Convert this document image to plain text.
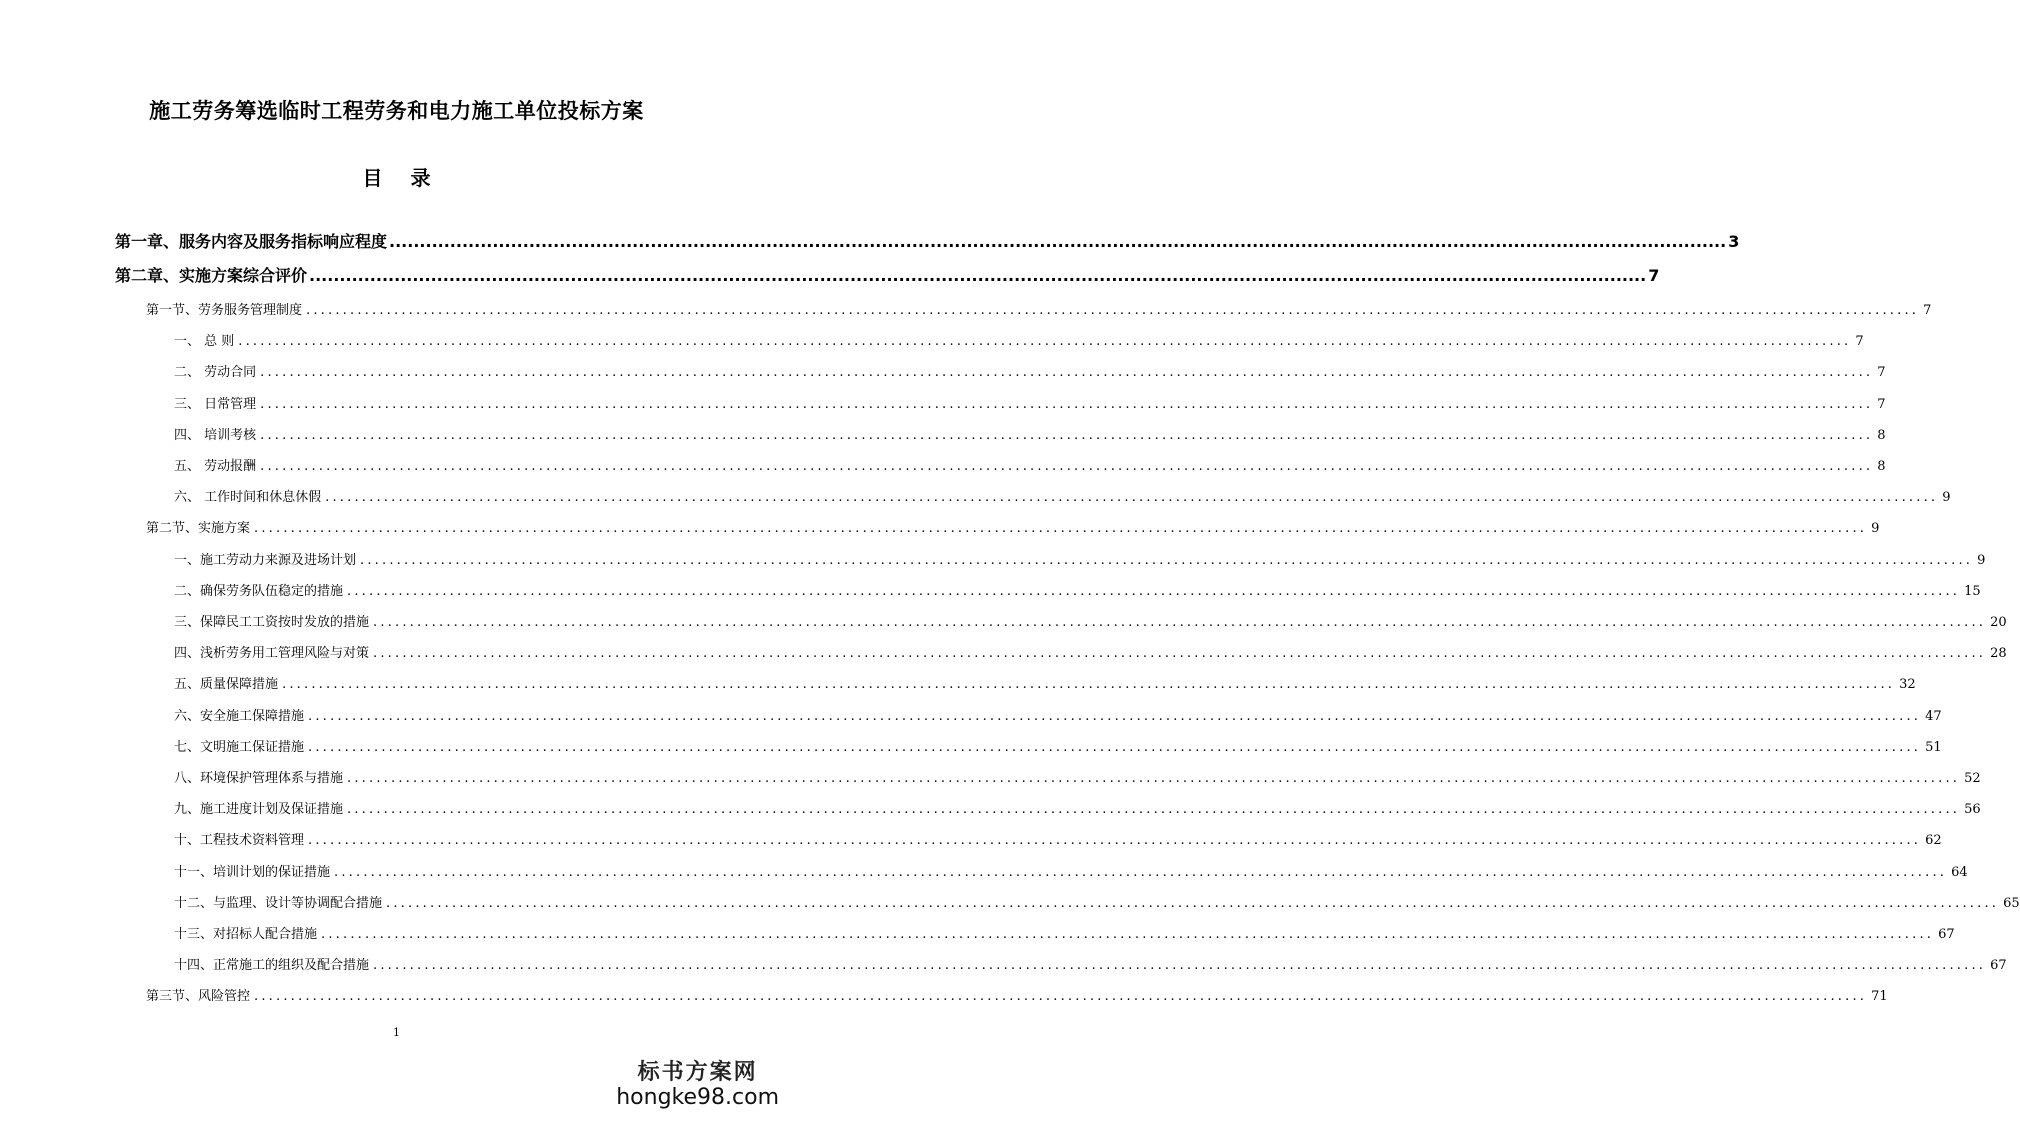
施工劳务筹选临时工程劳务和电力施工单位投标方案
目 录
第一章、服务内容及服务指标响应程度 ............................................................................................................................................................................................................................ 3
第二章、实施方案综合评价 ............................................................................................................................................................................................................................ 7
第一节、劳务服务管理制度 ............................................................................................................................................................................................................................ 7
一、 总 则 ............................................................................................................................................................................................................................ 7
二、 劳动合同 ............................................................................................................................................................................................................................ 7
三、 日常管理 ............................................................................................................................................................................................................................ 7
四、 培训考核 ............................................................................................................................................................................................................................ 8
五、 劳动报酬 ............................................................................................................................................................................................................................ 8
六、 工作时间和休息休假 ............................................................................................................................................................................................................................ 9
第二节、实施方案 ............................................................................................................................................................................................................................ 9
一、施工劳动力来源及进场计划 ............................................................................................................................................................................................................................ 9
二、确保劳务队伍稳定的措施 ............................................................................................................................................................................................................................ 15
三、保障民工工资按时发放的措施 ............................................................................................................................................................................................................................ 20
四、浅析劳务用工管理风险与对策 ............................................................................................................................................................................................................................ 28
五、质量保障措施 ............................................................................................................................................................................................................................ 32
六、安全施工保障措施 ............................................................................................................................................................................................................................ 47
七、文明施工保证措施 ............................................................................................................................................................................................................................ 51
八、环境保护管理体系与措施 ............................................................................................................................................................................................................................ 52
九、施工进度计划及保证措施 ............................................................................................................................................................................................................................ 56
十、工程技术资料管理 ............................................................................................................................................................................................................................ 62
十一、培训计划的保证措施 ............................................................................................................................................................................................................................ 64
十二、与监理、设计等协调配合措施 ............................................................................................................................................................................................................................ 65
十三、对招标人配合措施 ............................................................................................................................................................................................................................ 67
十四、正常施工的组织及配合措施 ............................................................................................................................................................................................................................ 67
第三节、风险管控 ............................................................................................................................................................................................................................ 71
1
标书方案网
hongke98.com
